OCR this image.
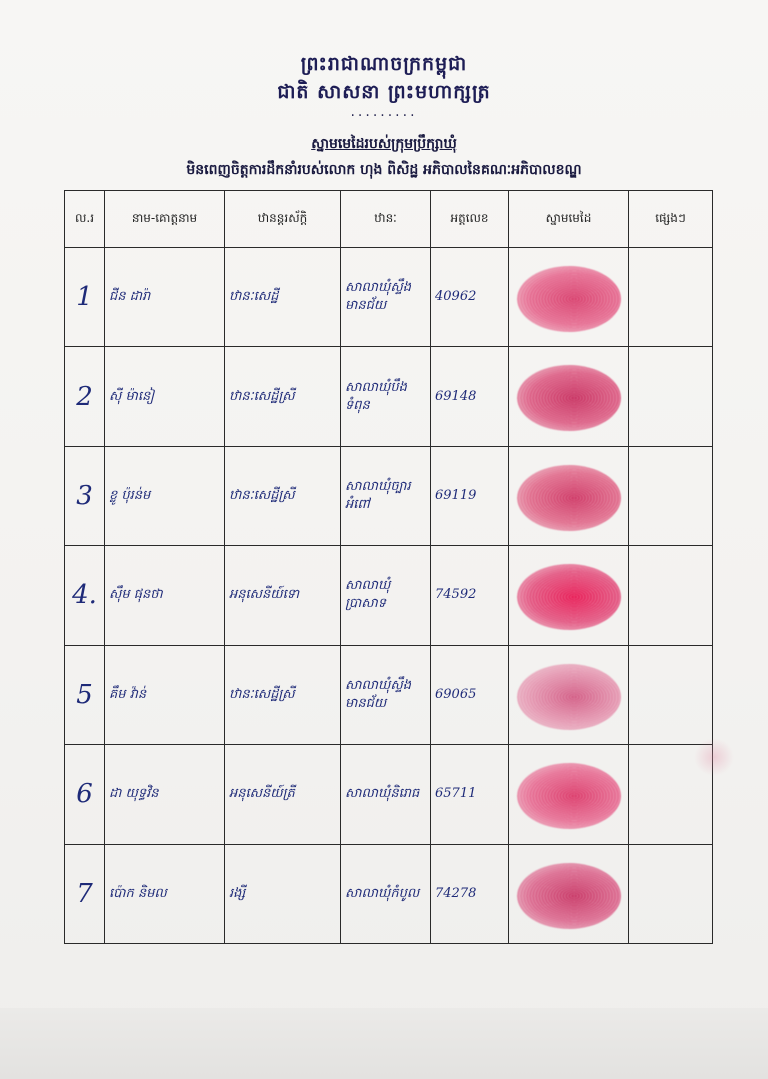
ព្រះរាជាណាចក្រកម្ពុជា
ជាតិ សាសនា ព្រះមហាក្សត្រ
.........
ស្នាមមេដៃរបស់ក្រុមប្រឹក្សាឃុំ
មិនពេញចិត្តការដឹកនាំរបស់លោក ហុង ពិសិដ្ឋ អភិបាលនៃគណៈអភិបាលខណ្ឌ
ល.រ	នាម-គោត្តនាម	ឋានន្តរស័ក្តិ	ឋានៈ	អត្តលេខ	ស្នាមមេដៃ	ផ្សេងៗ

1	ជីន ដារ៉ា	ឋានៈសេដ្ឋី	សាលាឃុំស្ទឹងមានជ័យ	40962		

2	សុី ម៉ានៀ	ឋានៈសេដ្ឋីស្រី	សាលាឃុំបឹងទំពុន	69148		

3	ខ្លូ ប៉ុរន់ម	ឋានៈសេដ្ឋីស្រី	សាលាឃុំច្បារអំពៅ	69119		

4.	ស៊ឹម ផុនថា	អនុសេនីយ៍ទោ	សាលាឃុំប្រាសាទ	74592		

5	គឹម វ៉ាន់	ឋានៈសេដ្ឋីស្រី	សាលាឃុំស្ទឹងមានជ័យ	69065		

6	ដា យុទ្ធវិន	អនុសេនីយ៍ត្រី	សាលាឃុំនិរោធ	65711		

7	ប៉ោក និមល	រង្សី	សាលាឃុំកំបូល	74278		
